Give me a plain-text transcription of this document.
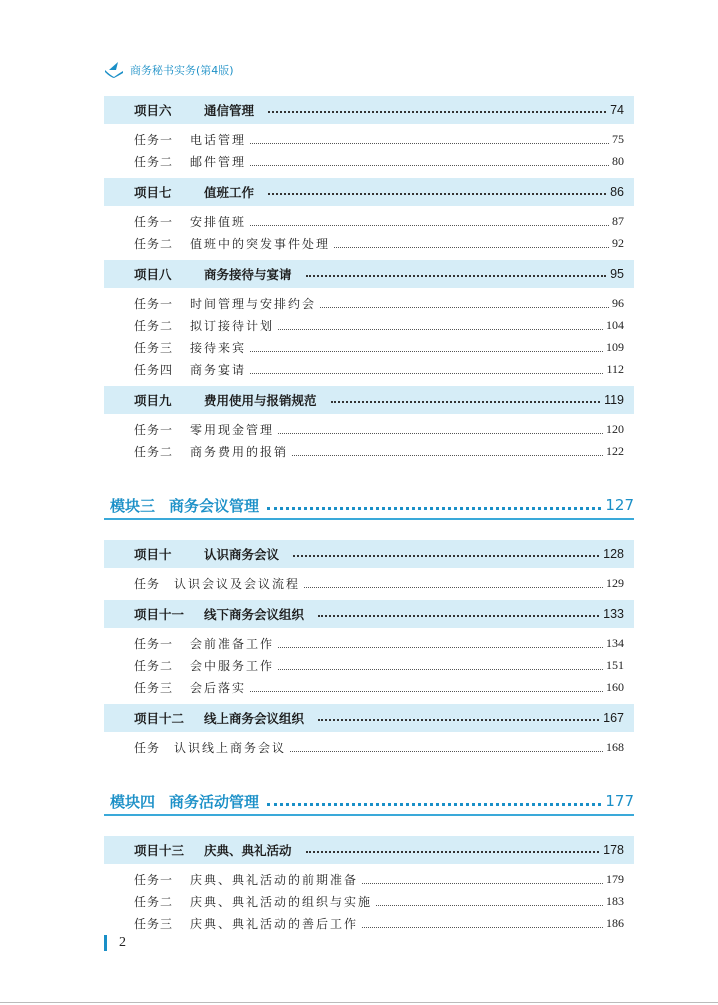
商务秘书实务(第4版)
项目六	通信管理	74
任务一	电话管理	75
任务二	邮件管理	80
项目七	值班工作	86
任务一	安排值班	87
任务二	值班中的突发事件处理	92
项目八	商务接待与宴请	95
任务一	时间管理与安排约会	96
任务二	拟订接待计划	104
任务三	接待来宾	109
任务四	商务宴请	112
项目九	费用使用与报销规范	119
任务一	零用现金管理	120
任务二	商务费用的报销	122
模块三 商务会议管理	127
项目十	认识商务会议	128
任务	认识会议及会议流程	129
项目十一	线下商务会议组织	133
任务一	会前准备工作	134
任务二	会中服务工作	151
任务三	会后落实	160
项目十二	线上商务会议组织	167
任务	认识线上商务会议	168
模块四 商务活动管理	177
项目十三	庆典、典礼活动	178
任务一	庆典、典礼活动的前期准备	179
任务二	庆典、典礼活动的组织与实施	183
任务三	庆典、典礼活动的善后工作	186
2
